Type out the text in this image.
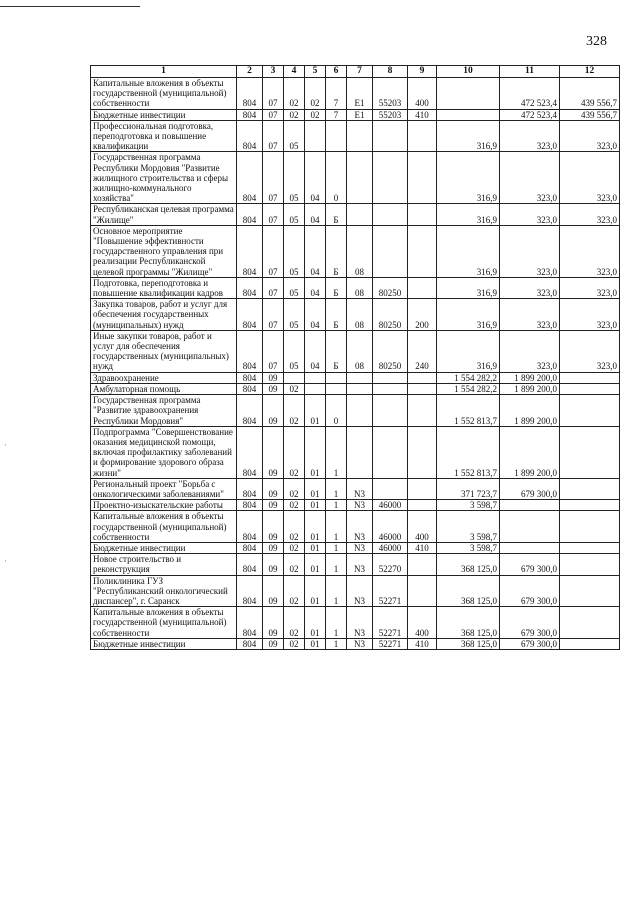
328
·
·
1	2	3	4	5	6	7	8	9	10	11	12
Капитальные вложения в объекты государственной (муниципальной) собственности	804	07	02	02	7	Е1	55203	400		472 523,4	439 556,7
Бюджетные инвестиции	804	07	02	02	7	Е1	55203	410		472 523,4	439 556,7
Профессиональная подготовка, переподготовка и повышение квалификации	804	07	05						316,9	323,0	323,0
Государственная программа Республики Мордовия "Развитие жилищного строительства и сферы жилищно-коммунального хозяйства"	804	07	05	04	0				316,9	323,0	323,0
Республиканская целевая программа "Жилище"	804	07	05	04	Б				316,9	323,0	323,0
Основное мероприятие "Повышение эффективности государственного управления при реализации Республиканской целевой программы "Жилище"	804	07	05	04	Б	08			316,9	323,0	323,0
Подготовка, переподготовка и повышение квалификации кадров	804	07	05	04	Б	08	80250		316,9	323,0	323,0
Закупка товаров, работ и услуг для обеспечения государственных (муниципальных) нужд	804	07	05	04	Б	08	80250	200	316,9	323,0	323,0
Иные закупки товаров, работ и услуг для обеспечения государственных (муниципальных) нужд	804	07	05	04	Б	08	80250	240	316,9	323,0	323,0
Здравоохранение	804	09							1 554 282,2	1 899 200,0	
Амбулаторная помощь	804	09	02						1 554 282,2	1 899 200,0	
Государственная программа "Развитие здравоохранения Республики Мордовия"	804	09	02	01	0				1 552 813,7	1 899 200,0	
Подпрограмма "Совершенствование оказания медицинской помощи, включая профилактику заболеваний и формирование здорового образа жизни"	804	09	02	01	1				1 552 813,7	1 899 200,0	
Региональный проект "Борьба с онкологическими заболеваниями"	804	09	02	01	1	N3			371 723,7	679 300,0	
Проектно-изыскательские работы	804	09	02	01	1	N3	46000		3 598,7		
Капитальные вложения в объекты государственной (муниципальной) собственности	804	09	02	01	1	N3	46000	400	3 598,7		
Бюджетные инвестиции	804	09	02	01	1	N3	46000	410	3 598,7		
Новое строительство и реконструкция	804	09	02	01	1	N3	52270		368 125,0	679 300,0	
Поликлиника ГУЗ "Республиканский онкологический диспансер", г. Саранск	804	09	02	01	1	N3	52271		368 125,0	679 300,0	
Капитальные вложения в объекты государственной (муниципальной) собственности	804	09	02	01	1	N3	52271	400	368 125,0	679 300,0	
Бюджетные инвестиции	804	09	02	01	1	N3	52271	410	368 125,0	679 300,0	
